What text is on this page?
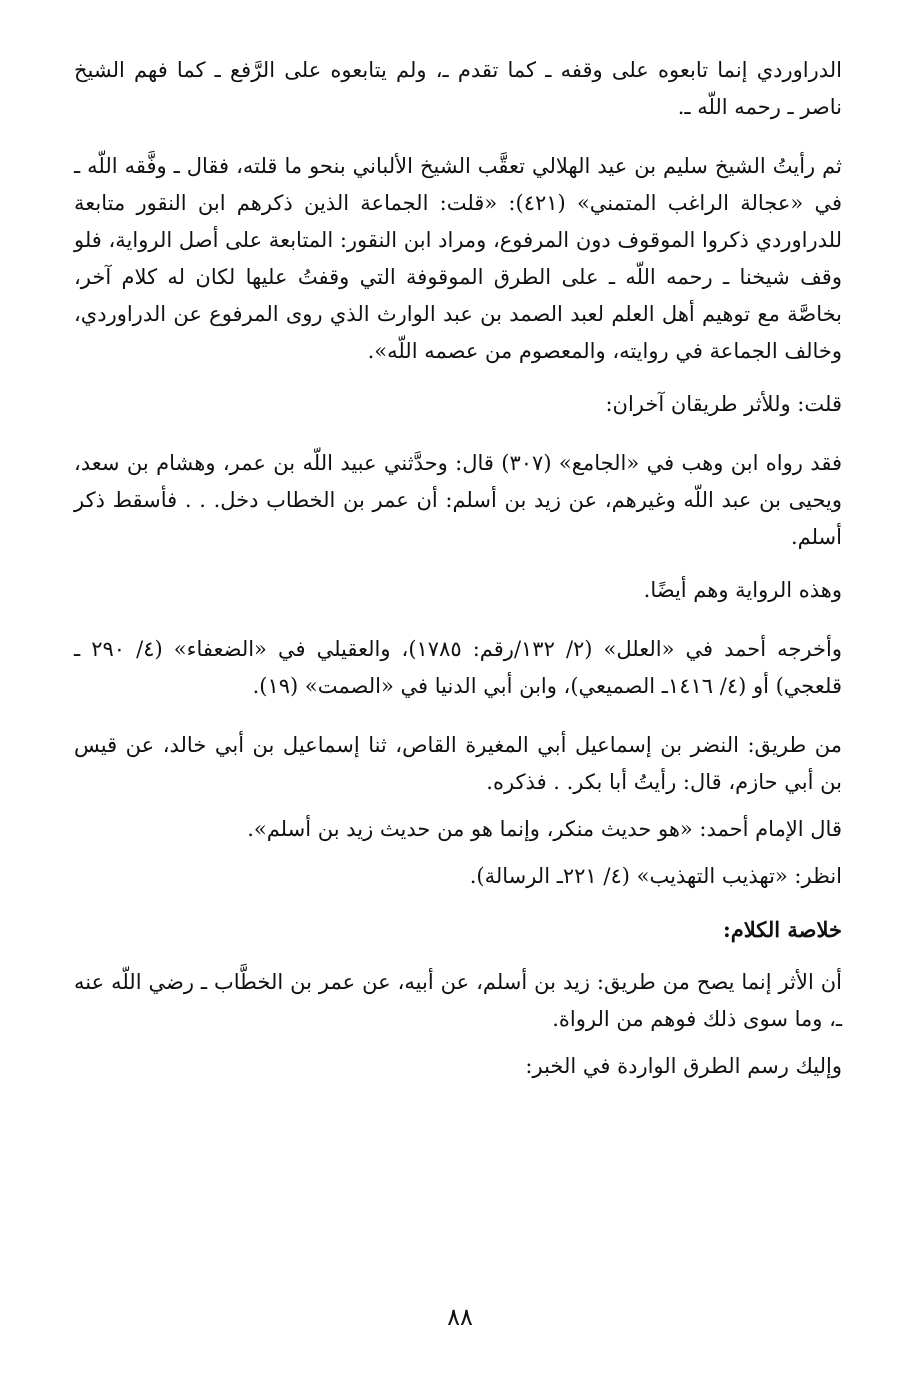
الدراوردي إنما تابعوه على وقفه ـ كما تقدم ـ، ولم يتابعوه على الرَّفع ـ كما فهم الشيخ ناصر ـ رحمه اللّه ـ.

ثم رأيتُ الشيخ سليم بن عيد الهلالي تعقَّب الشيخ الألباني بنحو ما قلته، فقال ـ وفَّقه اللّه ـ في «عجالة الراغب المتمني» (٤٢١): «قلت: الجماعة الذين ذكرهم ابن النقور متابعة للدراوردي ذكروا الموقوف دون المرفوع، ومراد ابن النقور: المتابعة على أصل الرواية، فلو وقف شيخنا ـ رحمه اللّه ـ على الطرق الموقوفة التي وقفتُ عليها لكان له كلام آخر، بخاصَّة مع توهيم أهل العلم لعبد الصمد بن عبد الوارث الذي روى المرفوع عن الدراوردي، وخالف الجماعة في روايته، والمعصوم من عصمه اللّه».

قلت: وللأثر طريقان آخران:

فقد رواه ابن وهب في «الجامع» (٣٠٧) قال: وحدَّثني عبيد اللّه بن عمر، وهشام بن سعد، ويحيى بن عبد اللّه وغيرهم، عن زيد بن أسلم: أن عمر بن الخطاب دخل. . . فأسقط ذكر أسلم.

وهذه الرواية وهم أيضًا.

وأخرجه أحمد في «العلل» (٢/ ١٣٢/رقم: ١٧٨٥)، والعقيلي في «الضعفاء» (٤/ ٢٩٠ ـ قلعجي) أو (٤/ ١٤١٦ـ الصميعي)، وابن أبي الدنيا في «الصمت» (١٩).

من طريق: النضر بن إسماعيل أبي المغيرة القاص، ثنا إسماعيل بن أبي خالد، عن قيس بن أبي حازم، قال: رأيتُ أبا بكر. . فذكره.

قال الإمام أحمد: «هو حديث منكر، وإنما هو من حديث زيد بن أسلم».

انظر: «تهذيب التهذيب» (٤/ ٢٢١ـ الرسالة).

خلاصة الكلام:

أن الأثر إنما يصح من طريق: زيد بن أسلم، عن أبيه، عن عمر بن الخطَّاب ـ رضي اللّه عنه ـ، وما سوى ذلك فوهم من الرواة.

وإليك رسم الطرق الواردة في الخبر:

٨٨
